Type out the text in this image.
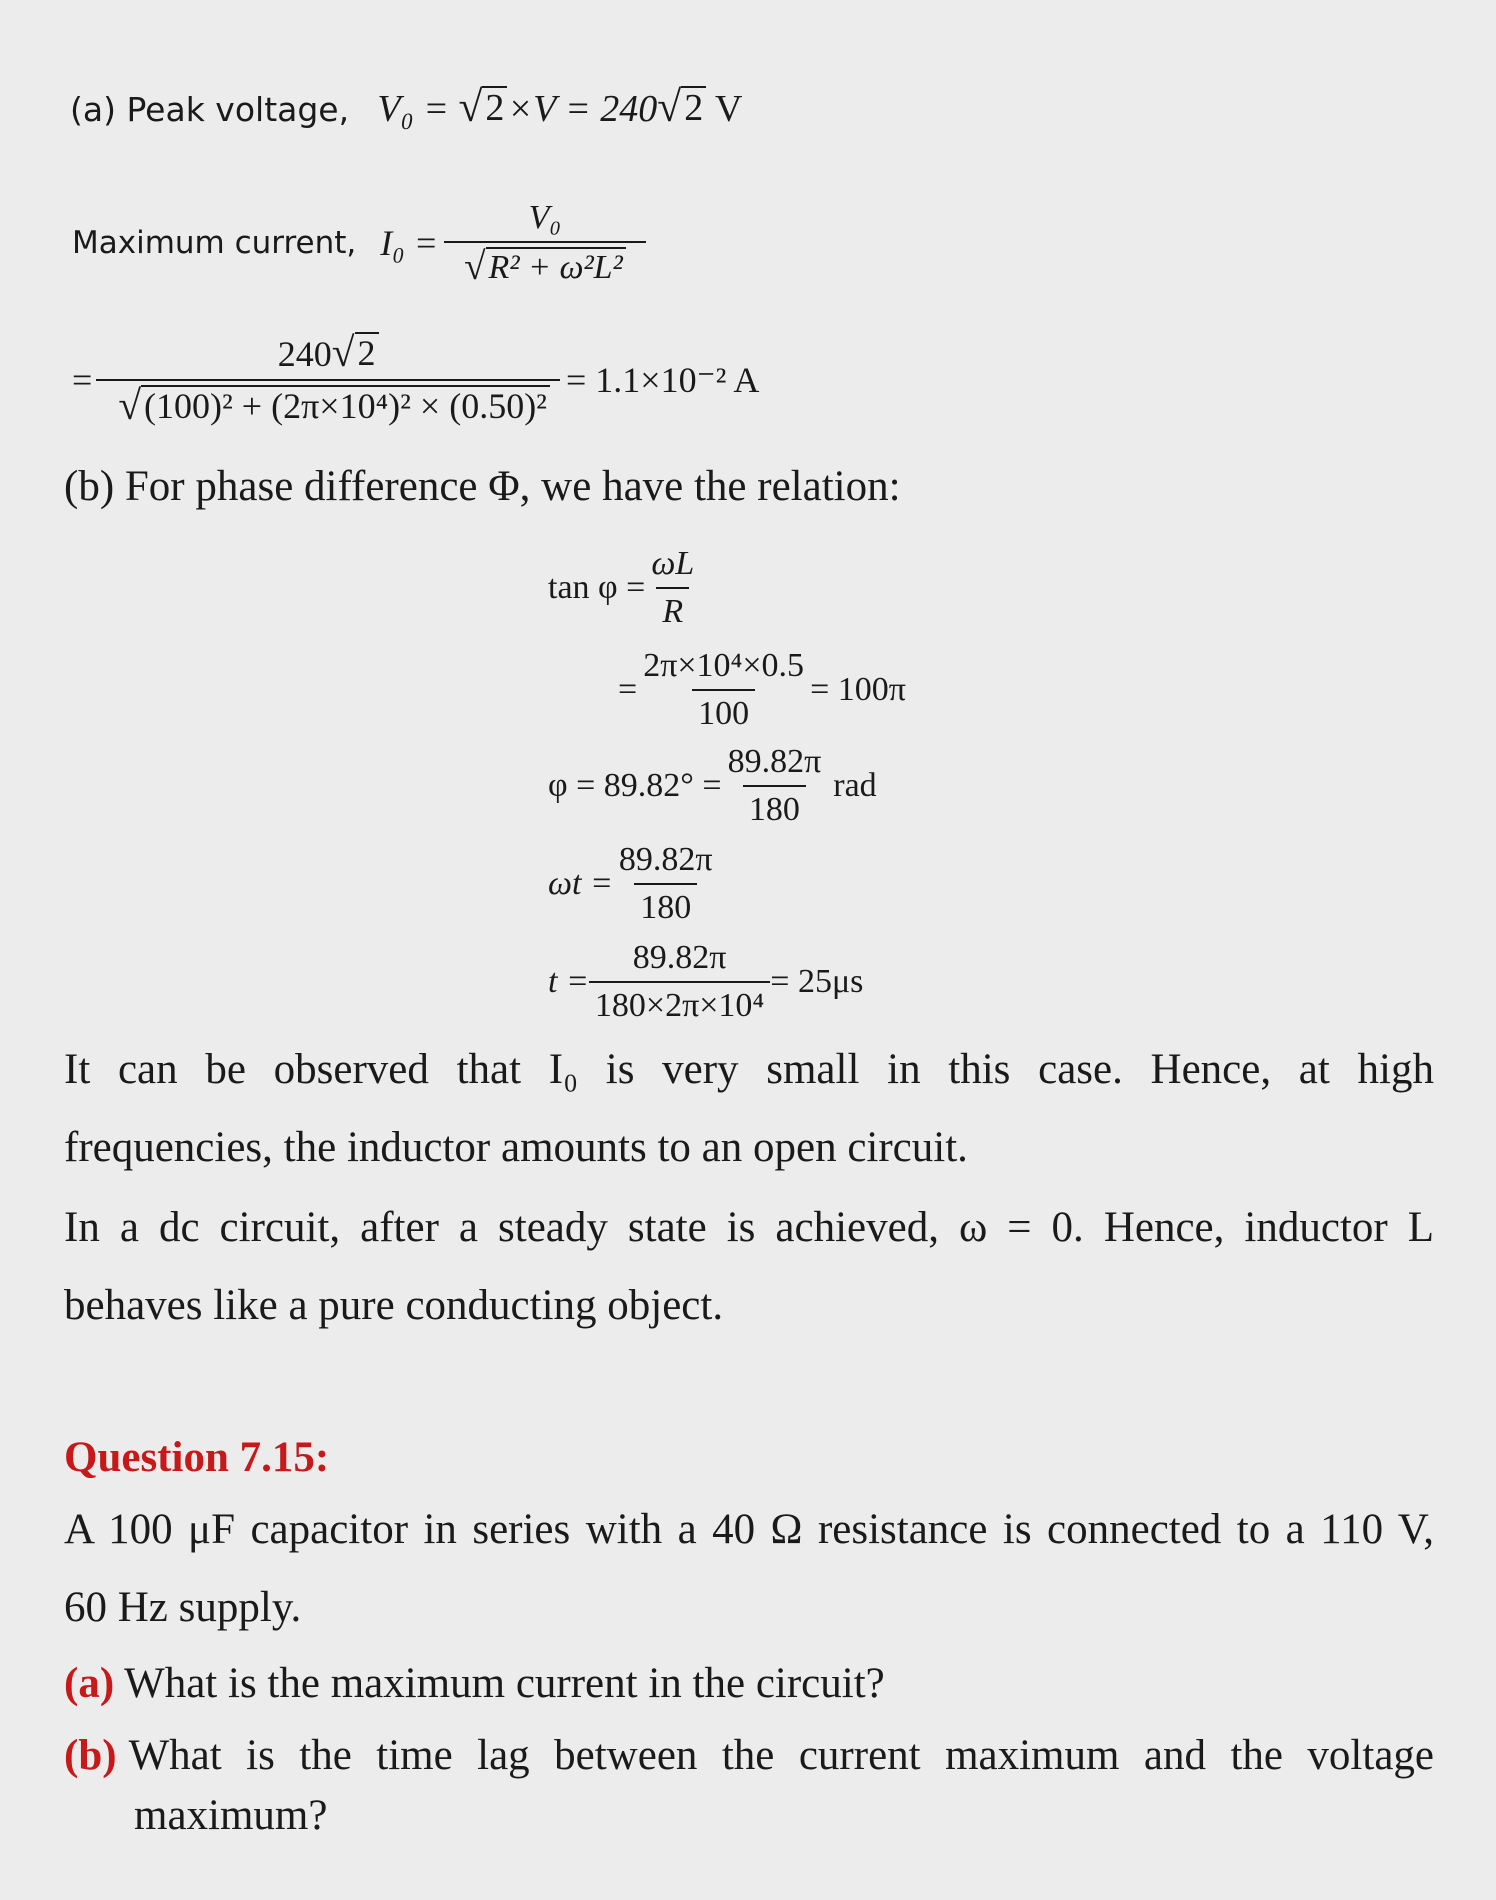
(a) Peak voltage, V₀ = √ 2 ×V = 240 √ 2 V
Maximum current, $I_0 = \frac{\text{V₀}}{\text{√ R² + ω²L²}}$
= $\frac{240 √ 2}{\text{√ (100)² + (2π×10⁴)² × (0.50)²}} = 1.1\times 10^{-2}$ A
(b) For phase difference Φ, we have the relation:
$\tan \varphi = \frac{\omega L}{R}$
= $\frac{\text{2π×10⁴×0.5}}{100} = 100\pi$
$\varphi = 89.82^\circ = \frac{89.82\pi}{180}$ rad
$\omega t = \frac{89.82\pi}{180}$
$t = \frac{89.82\pi}{\text{180×2π×10⁴}} = 25\mu s$
It can be observed that I₀ is very small in this case. Hence, at high
frequencies, the inductor amounts to an open circuit.
In a dc circuit, after a steady state is achieved, ω = 0. Hence, inductor L
behaves like a pure conducting object.
Question 7.15:
A 100 μF capacitor in series with a 40 Ω resistance is connected to a 110 V,
60 Hz supply.
(a) What is the maximum current in the circuit?
(b) What is the time lag between the current maximum and the voltage
maximum?
